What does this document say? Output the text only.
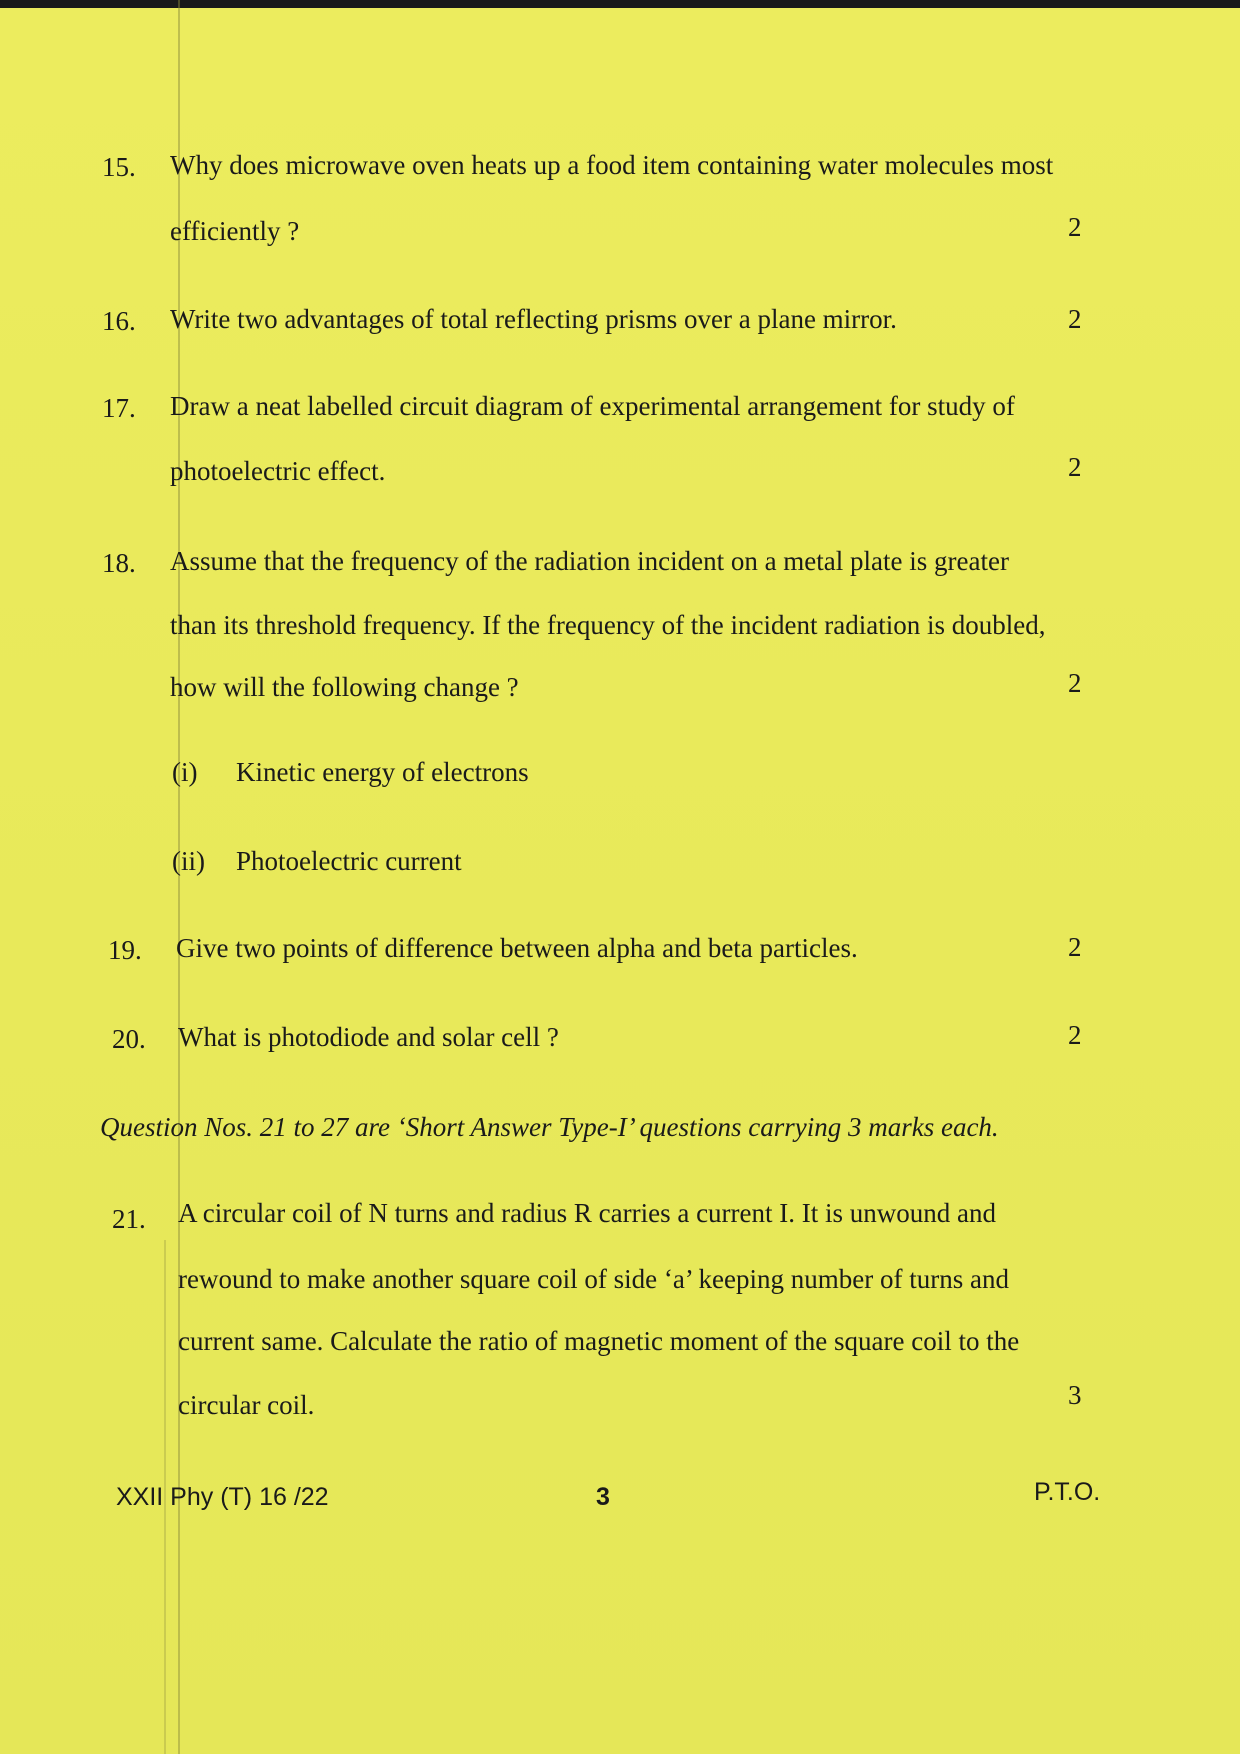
15. Why does microwave oven heats up a food item containing water molecules most
efficiently ?	2
16. Write two advantages of total reflecting prisms over a plane mirror.	2
17. Draw a neat labelled circuit diagram of experimental arrangement for study of
photoelectric effect.	2
18. Assume that the frequency of the radiation incident on a metal plate is greater
than its threshold frequency. If the frequency of the incident radiation is doubled,
how will the following change ?	2
(i) Kinetic energy of electrons
(ii) Photoelectric current
19. Give two points of difference between alpha and beta particles.	2
20. What is photodiode and solar cell ?	2
Question Nos. 21 to 27 are ‘Short Answer Type-I’ questions carrying 3 marks each.
21. A circular coil of N turns and radius R carries a current I. It is unwound and
rewound to make another square coil of side ‘a’ keeping number of turns and
current same. Calculate the ratio of magnetic moment of the square coil to the
circular coil.	3
XXII Phy (T) 16 /22	3	P.T.O.
